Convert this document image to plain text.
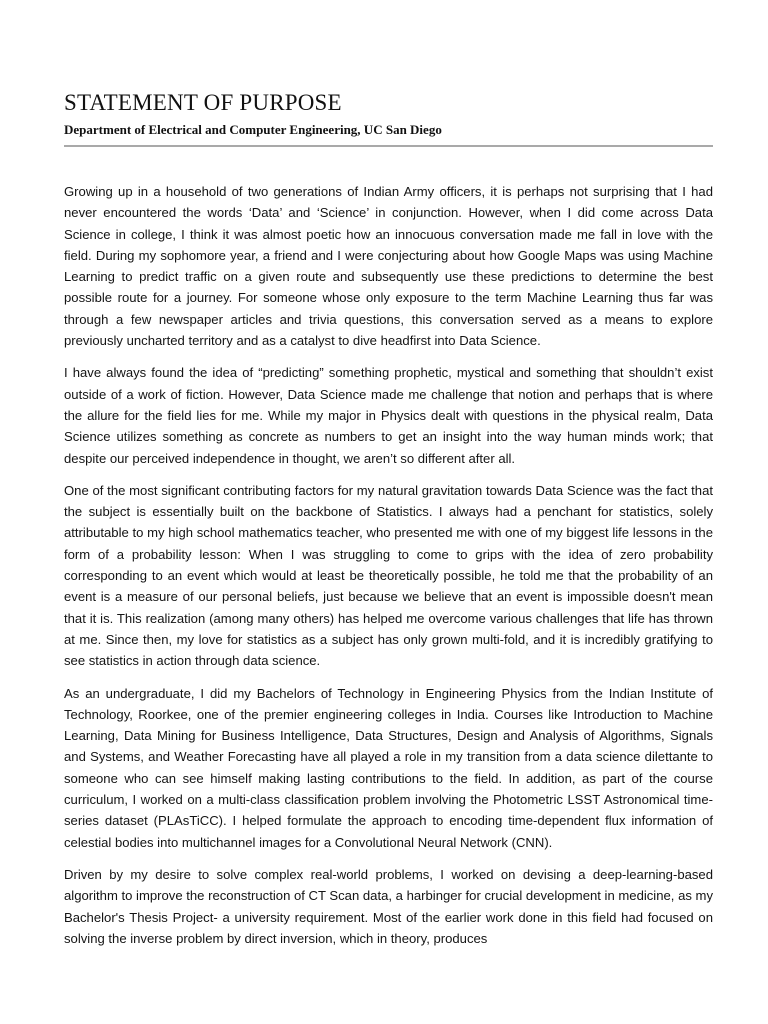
STATEMENT OF PURPOSE
Department of Electrical and Computer Engineering, UC San Diego

Growing up in a household of two generations of Indian Army officers, it is perhaps not surprising that I had never encountered the words ‘Data’ and ‘Science’ in conjunction. However, when I did come across Data Science in college, I think it was almost poetic how an innocuous conversation made me fall in love with the field. During my sophomore year, a friend and I were conjecturing about how Google Maps was using Machine Learning to predict traffic on a given route and subsequently use these predictions to determine the best possible route for a journey. For someone whose only exposure to the term Machine Learning thus far was through a few newspaper articles and trivia questions, this conversation served as a means to explore previously uncharted territory and as a catalyst to dive headfirst into Data Science.

I have always found the idea of “predicting” something prophetic, mystical and something that shouldn’t exist outside of a work of fiction. However, Data Science made me challenge that notion and perhaps that is where the allure for the field lies for me. While my major in Physics dealt with questions in the physical realm, Data Science utilizes something as concrete as numbers to get an insight into the way human minds work; that despite our perceived independence in thought, we aren’t so different after all.

One of the most significant contributing factors for my natural gravitation towards Data Science was the fact that the subject is essentially built on the backbone of Statistics. I always had a penchant for statistics, solely attributable to my high school mathematics teacher, who presented me with one of my biggest life lessons in the form of a probability lesson: When I was struggling to come to grips with the idea of zero probability corresponding to an event which would at least be theoretically possible, he told me that the probability of an event is a measure of our personal beliefs, just because we believe that an event is impossible doesn't mean that it is. This realization (among many others) has helped me overcome various challenges that life has thrown at me. Since then, my love for statistics as a subject has only grown multi-fold, and it is incredibly gratifying to see statistics in action through data science.

As an undergraduate, I did my Bachelors of Technology in Engineering Physics from the Indian Institute of Technology, Roorkee, one of the premier engineering colleges in India. Courses like Introduction to Machine Learning, Data Mining for Business Intelligence, Data Structures, Design and Analysis of Algorithms, Signals and Systems, and Weather Forecasting have all played a role in my transition from a data science dilettante to someone who can see himself making lasting contributions to the field. In addition, as part of the course curriculum, I worked on a multi-class classification problem involving the Photometric LSST Astronomical time-series dataset (PLAsTiCC). I helped formulate the approach to encoding time-dependent flux information of celestial bodies into multichannel images for a Convolutional Neural Network (CNN).

Driven by my desire to solve complex real-world problems, I worked on devising a deep-learning-based algorithm to improve the reconstruction of CT Scan data, a harbinger for crucial development in medicine, as my Bachelor's Thesis Project- a university requirement. Most of the earlier work done in this field had focused on solving the inverse problem by direct inversion, which in theory, produces
